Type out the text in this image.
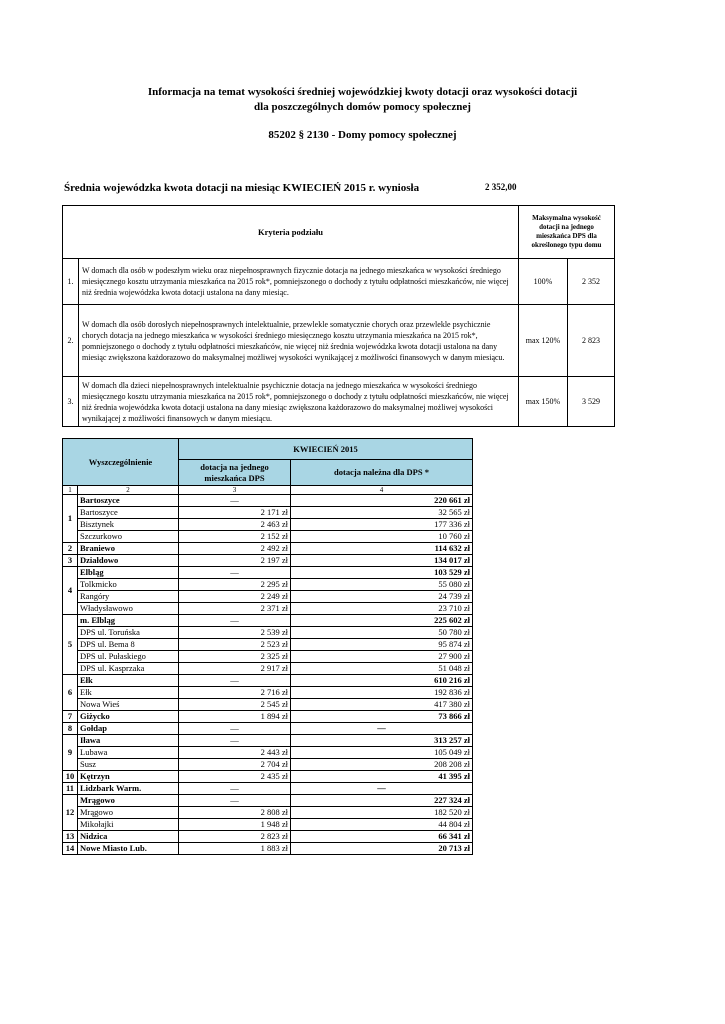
Informacja na temat wysokości średniej wojewódzkiej kwoty dotacji oraz wysokości dotacji
dla poszczególnych domów pomocy społecznej
85202 § 2130 - Domy pomocy społecznej
Średnia wojewódzka kwota dotacji na miesiąc KWIECIEŃ 2015 r. wyniosła	2 352,00
Kryteria podziału		Maksymalna wysokość dotacji na jednego mieszkańca DPS dla określonego typu domu	
1.	W domach dla osób w podeszłym wieku oraz niepełnosprawnych fizycznie dotacja na jednego mieszkańca w wysokości średniego miesięcznego kosztu utrzymania mieszkańca na 2015 rok*, pomniejszonego o dochody z tytułu odpłatności mieszkańców, nie więcej niż średnia wojewódzka kwota dotacji ustalona na dany miesiąc.	100%	2 352
2.	W domach dla osób dorosłych niepełnosprawnych intelektualnie, przewlekle somatycznie chorych oraz przewlekle psychicznie chorych dotacja na jednego mieszkańca w wysokości średniego miesięcznego kosztu utrzymania mieszkańca na 2015 rok*, pomniejszonego o dochody z tytułu odpłatności mieszkańców, nie więcej niż średnia wojewódzka kwota dotacji ustalona na dany miesiąc zwiększona każdorazowo do maksymalnej możliwej wysokości wynikającej z możliwości finansowych w danym miesiącu.	max 120%	2 823
3.	W domach dla dzieci niepełnosprawnych intelektualnie psychicznie dotacja na jednego mieszkańca w wysokości średniego miesięcznego kosztu utrzymania mieszkańca na 2015 rok*, pomniejszonego o dochody z tytułu odpłatności mieszkańców, nie więcej niż średnia wojewódzka kwota dotacji ustalona na dany miesiąc zwiększona każdorazowo do maksymalnej możliwej wysokości wynikającej z możliwości finansowych w danym miesiącu.	max 150%	3 529
Wyszczególnienie		KWIECIEŃ 2015	
		dotacja na jednego mieszkańca DPS	dotacja należna dla DPS *
1	2	3	4
1	Bartoszyce	—	220 661 zł
	Bartoszyce	2 171 zł	32 565 zł
	Bisztynek	2 463 zł	177 336 zł
	Szczurkowo	2 152 zł	10 760 zł
2	Braniewo	2 492 zł	114 632 zł
3	Działdowo	2 197 zł	134 017 zł
4	Elbląg	—	103 529 zł
	Tolkmicko	2 295 zł	55 080 zł
	Rangóry	2 249 zł	24 739 zł
	Władysławowo	2 371 zł	23 710 zł
5	m. Elbląg	—	225 602 zł
	DPS ul. Toruńska	2 539 zł	50 780 zł
	DPS ul. Bema 8	2 523 zł	95 874 zł
	DPS ul. Pułaskiego	2 325 zł	27 900 zł
	DPS ul. Kasprzaka	2 917 zł	51 048 zł
6	Ełk	—	610 216 zł
	Ełk	2 716 zł	192 836 zł
	Nowa Wieś	2 545 zł	417 380 zł
7	Giżycko	1 894 zł	73 866 zł
8	Gołdap	—	—
9	Iława	—	313 257 zł
	Lubawa	2 443 zł	105 049 zł
	Susz	2 704 zł	208 208 zł
10	Kętrzyn	2 435 zł	41 395 zł
11	Lidzbark Warm.	—	—
12	Mrągowo	—	227 324 zł
	Mrągowo	2 808 zł	182 520 zł
	Mikołajki	1 948 zł	44 804 zł
13	Nidzica	2 823 zł	66 341 zł
14	Nowe Miasto Lub.	1 883 zł	20 713 zł
